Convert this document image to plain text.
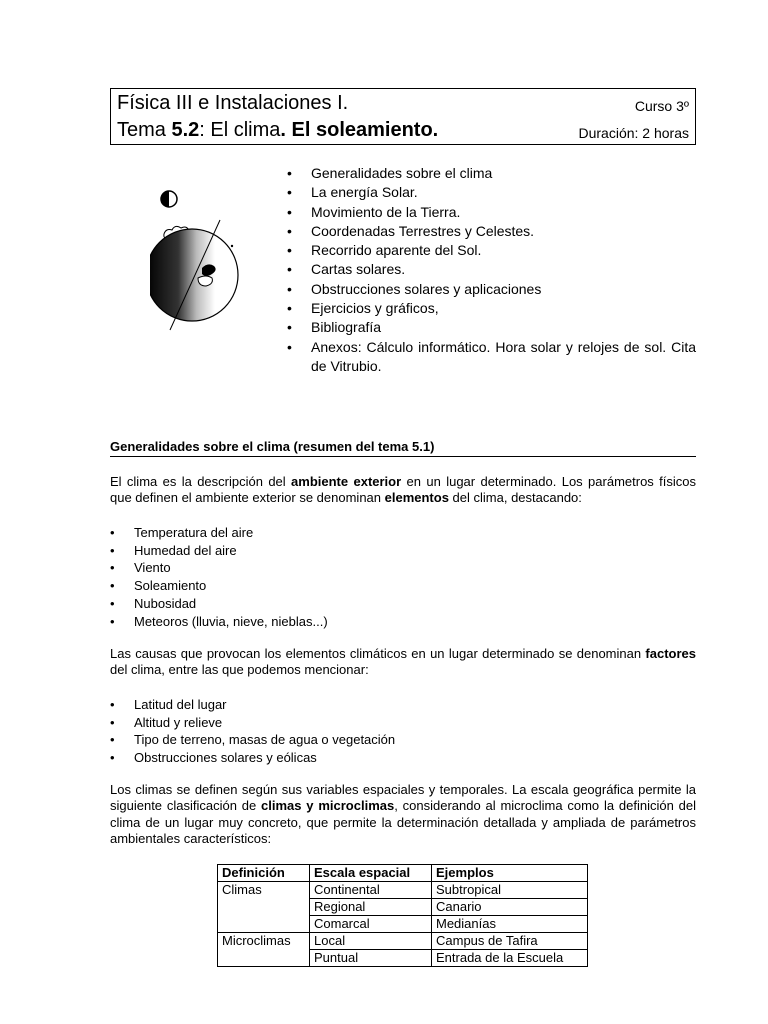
Física III e Instalaciones I.
Tema 5.2: El clima. El soleamiento.
Curso 3º
Duración: 2 horas
• Generalidades sobre el clima
• La energía Solar.
• Movimiento de la Tierra.
• Coordenadas Terrestres y Celestes.
• Recorrido aparente del Sol.
• Cartas solares.
• Obstrucciones solares y aplicaciones
• Ejercicios y gráficos,
• Bibliografía
• Anexos: Cálculo informático. Hora solar y relojes de sol. Cita de Vitrubio.
Generalidades sobre el clima (resumen del tema 5.1)

El clima es la descripción del ambiente exterior en un lugar determinado. Los parámetros físicos que definen el ambiente exterior se denominan elementos del clima, destacando:

• Temperatura del aire
• Humedad del aire
• Viento
• Soleamiento
• Nubosidad
• Meteoros (lluvia, nieve, nieblas...)

Las causas que provocan los elementos climáticos en un lugar determinado se denominan factores del clima, entre las que podemos mencionar:

• Latitud del lugar
• Altitud y relieve
• Tipo de terreno, masas de agua o vegetación
• Obstrucciones solares y eólicas

Los climas se definen según sus variables espaciales y temporales. La escala geográfica permite la siguiente clasificación de climas y microclimas, considerando al microclima como la definición del clima de un lugar muy concreto, que permite la determinación detallada y ampliada de parámetros ambientales característicos:

Definición	Escala espacial	Ejemplos
Climas	Continental	Subtropical
	Regional	Canario
	Comarcal	Medianías
Microclimas	Local	Campus de Tafira
	Puntual	Entrada de la Escuela
